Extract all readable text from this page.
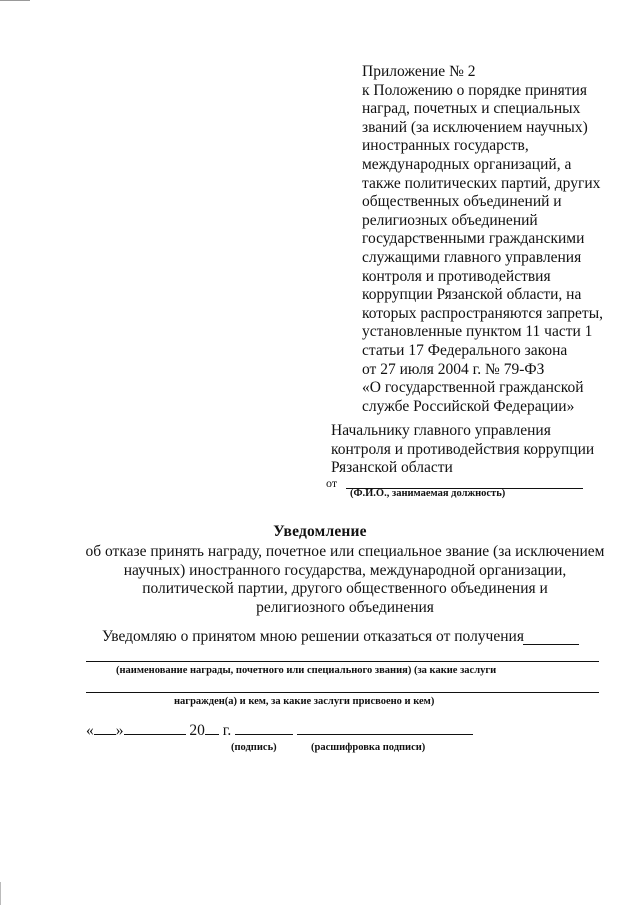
Приложение № 2
к Положению о порядке принятия
наград, почетных и специальных
званий (за исключением научных)
иностранных государств,
международных организаций, а
также политических партий, других
общественных объединений и
религиозных объединений
государственными гражданскими
служащими главного управления
контроля и противодействия
коррупции Рязанской области, на
которых распространяются запреты,
установленные пунктом 11 части 1
статьи 17 Федерального закона
от 27 июля 2004 г. № 79-ФЗ
«О государственной гражданской
службе Российской Федерации»
Начальнику главного управления
контроля и противодействия коррупции
Рязанской области
от
(Ф.И.О., занимаемая должность)
Уведомление
об отказе принять награду, почетное или специальное звание (за исключением
научных) иностранного государства, международной организации,
политической партии, другого общественного объединения и
религиозного объединения
Уведомляю о принятом мною решении отказаться от получения
(наименование награды, почетного или специального звания) (за какие заслуги
награжден(а) и кем, за какие заслуги присвоено и кем)
« »	20 г.
(подпись)	(расшифровка подписи)
